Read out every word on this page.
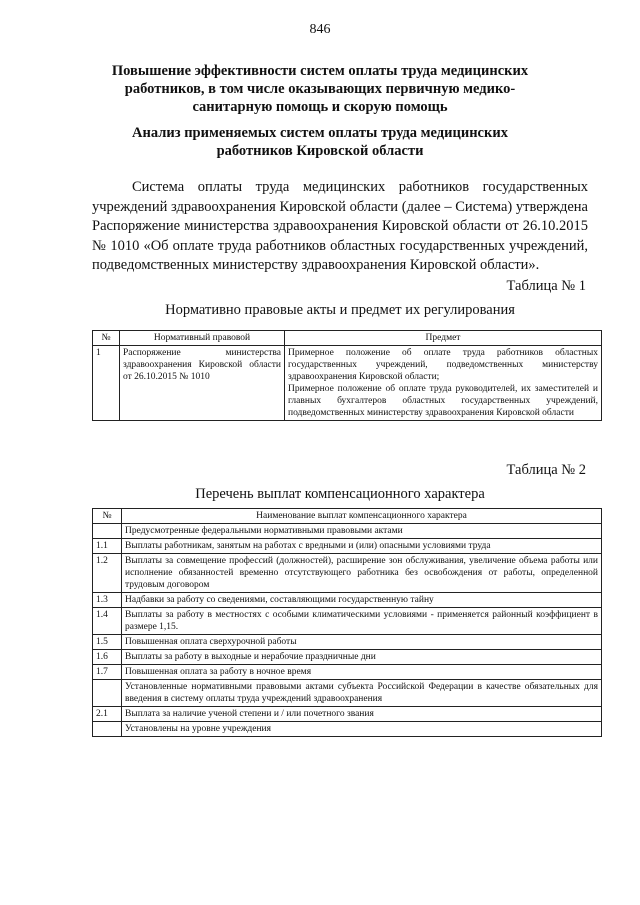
846
Повышение эффективности систем оплаты труда медицинских работников, в том числе оказывающих первичную медико-санитарную помощь и скорую помощь
Анализ применяемых систем оплаты труда медицинских работников Кировской области

Система оплаты труда медицинских работников государственных учреждений здравоохранения Кировской области (далее – Система) утверждена Распоряжение министерства здравоохранения Кировской области от 26.10.2015 № 1010 «Об оплате труда работников областных государственных учреждений, подведомственных министерству здравоохранения Кировской области».

Таблица № 1
Нормативно правовые акты и предмет их регулирования
№	Нормативный правовой	Предмет
1	Распоряжение министерства здравоохранения Кировской области от 26.10.2015 № 1010	Примерное положение об оплате труда работников областных государственных учреждений, подведомственных министерству здравоохранения Кировской области;
Примерное положение об оплате труда руководителей, их заместителей и главных бухгалтеров областных государственных учреждений, подведомственных министерству здравоохранения Кировской области
Таблица № 2
Перечень выплат компенсационного характера
№	Наименование выплат компенсационного характера
	Предусмотренные федеральными нормативными правовыми актами
1.1	Выплаты работникам, занятым на работах с вредными и (или) опасными условиями труда
1.2	Выплаты за совмещение профессий (должностей), расширение зон обслуживания, увеличение объема работы или исполнение обязанностей временно отсутствующего работника без освобождения от работы, определенной трудовым договором
1.3	Надбавки за работу со сведениями, составляющими государственную тайну
1.4	Выплаты за работу в местностях с особыми климатическими условиями - применяется районный коэффициент в размере 1,15.
1.5	Повышенная оплата сверхурочной работы
1.6	Выплаты за работу в выходные и нерабочие праздничные дни
1.7	Повышенная оплата за работу в ночное время
	Установленные нормативными правовыми актами субъекта Российской Федерации в качестве обязательных для введения в систему оплаты труда учреждений здравоохранения
2.1	Выплата за наличие ученой степени и / или почетного звания
	Установлены на уровне учреждения
